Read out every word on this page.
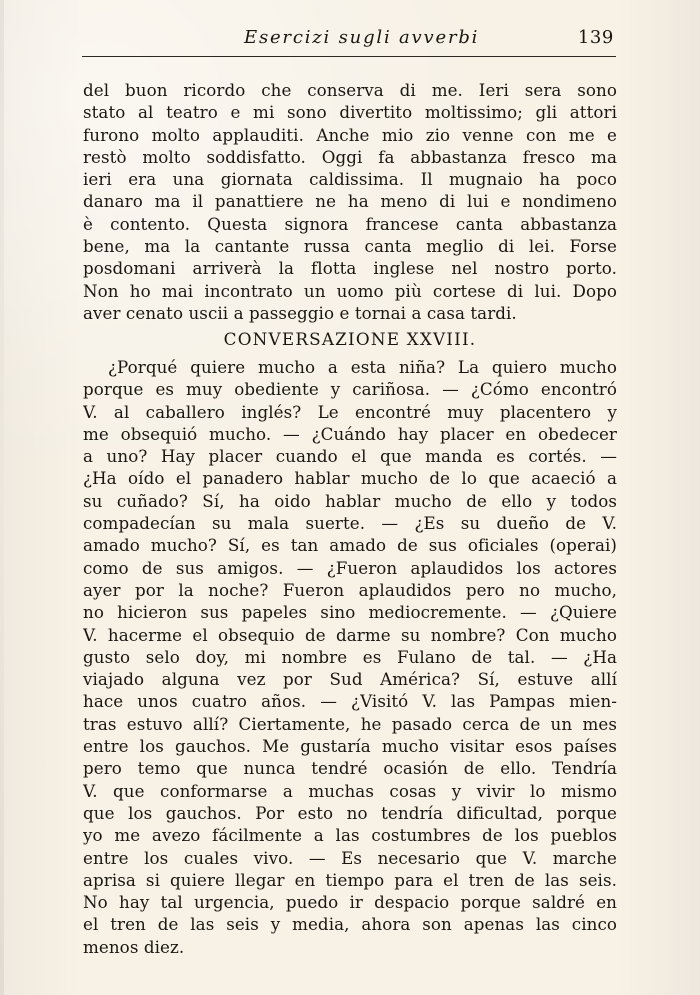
Esercizi sugli avverbi	139
del buon ricordo che conserva di me. Ieri sera sono
stato al teatro e mi sono divertito moltissimo; gli attori
furono molto applauditi. Anche mio zio venne con me e
restò molto soddisfatto. Oggi fa abbastanza fresco ma
ieri era una giornata caldissima. Il mugnaio ha poco
danaro ma il panattiere ne ha meno di lui e nondimeno
è contento. Questa signora francese canta abbastanza
bene, ma la cantante russa canta meglio di lei. Forse
posdomani arriverà la flotta inglese nel nostro porto.
Non ho mai incontrato un uomo più cortese di lui. Dopo
aver cenato uscii a passeggio e tornai a casa tardi.
CONVERSAZIONE XXVIII.
¿Porqué quiere mucho a esta niña? La quiero mucho
porque es muy obediente y cariñosa. — ¿Cómo encontró
V. al caballero inglés? Le encontré muy placentero y
me obsequió mucho. — ¿Cuándo hay placer en obedecer
a uno? Hay placer cuando el que manda es cortés. —
¿Ha oído el panadero hablar mucho de lo que acaeció a
su cuñado? Sí, ha oido hablar mucho de ello y todos
compadecían su mala suerte. — ¿Es su dueño de V.
amado mucho? Sí, es tan amado de sus oficiales (operai)
como de sus amigos. — ¿Fueron aplaudidos los actores
ayer por la noche? Fueron aplaudidos pero no mucho,
no hicieron sus papeles sino mediocremente. — ¿Quiere
V. hacerme el obsequio de darme su nombre? Con mucho
gusto selo doy, mi nombre es Fulano de tal. — ¿Ha
viajado alguna vez por Sud América? Sí, estuve allí
hace unos cuatro años. — ¿Visitó V. las Pampas mien-
tras estuvo allí? Ciertamente, he pasado cerca de un mes
entre los gauchos. Me gustaría mucho visitar esos países
pero temo que nunca tendré ocasión de ello. Tendría
V. que conformarse a muchas cosas y vivir lo mismo
que los gauchos. Por esto no tendría dificultad, porque
yo me avezo fácilmente a las costumbres de los pueblos
entre los cuales vivo. — Es necesario que V. marche
aprisa si quiere llegar en tiempo para el tren de las seis.
No hay tal urgencia, puedo ir despacio porque saldré en
el tren de las seis y media, ahora son apenas las cinco
menos diez.
